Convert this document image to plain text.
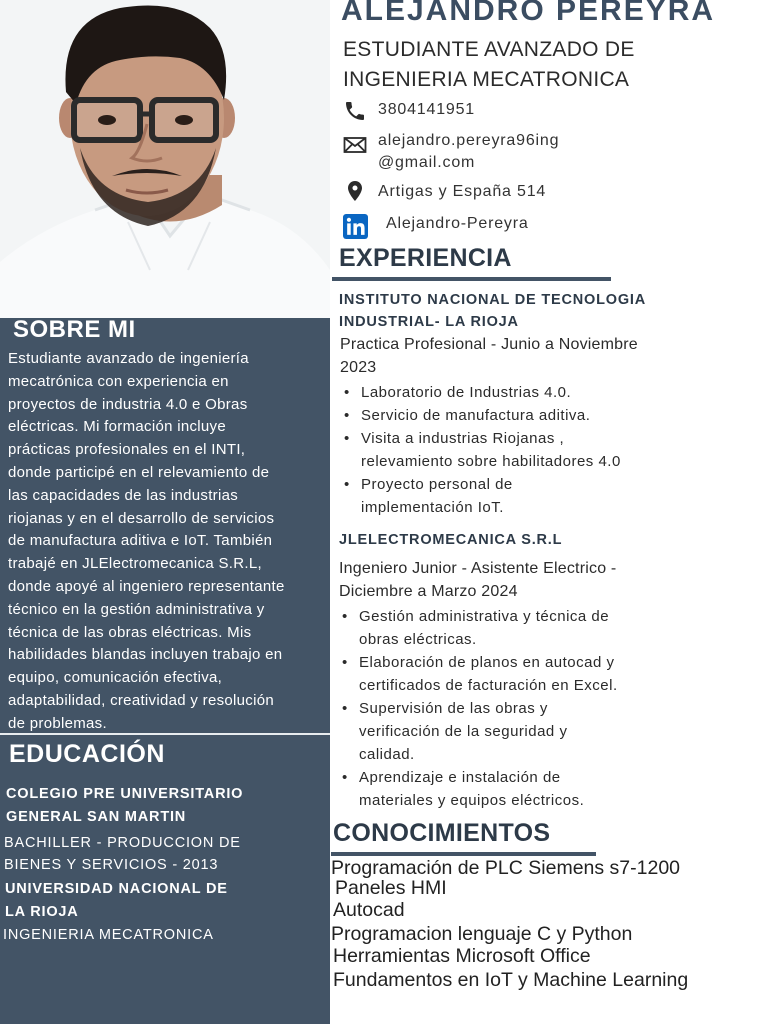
SOBRE MI
Estudiante avanzado de ingeniería
mecatrónica con experiencia en
proyectos de industria 4.0 e Obras
eléctricas. Mi formación incluye
prácticas profesionales en el INTI,
donde participé en el relevamiento de
las capacidades de las industrias
riojanas y en el desarrollo de servicios
de manufactura aditiva e IoT. También
trabajé en JLElectromecanica S.R.L,
donde apoyé al ingeniero representante
técnico en la gestión administrativa y
técnica de las obras eléctricas. Mis
habilidades blandas incluyen trabajo en
equipo, comunicación efectiva,
adaptabilidad, creatividad y resolución
de problemas.
EDUCACIÓN
COLEGIO PRE UNIVERSITARIO
GENERAL SAN MARTIN
BACHILLER - PRODUCCION DE
BIENES Y SERVICIOS - 2013
UNIVERSIDAD NACIONAL DE
LA RIOJA
INGENIERIA MECATRONICA
ALEJANDRO PEREYRA
ESTUDIANTE AVANZADO DE INGENIERIA MECATRONICA
3804141951
alejandro.pereyra96ing
@gmail.com
Artigas y España 514
Alejandro-Pereyra
EXPERIENCIA
INSTITUTO NACIONAL DE TECNOLOGIA
INDUSTRIAL- LA RIOJA
Practica Profesional - Junio a Noviembre
2023
• Laboratorio de Industrias 4.0.
• Servicio de manufactura aditiva.
• Visita a industrias Riojanas ,
relevamiento sobre habilitadores 4.0
• Proyecto personal de
implementación IoT.
JLELECTROMECANICA S.R.L
Ingeniero Junior - Asistente Electrico -
Diciembre a Marzo 2024
• Gestión administrativa y técnica de
obras eléctricas.
• Elaboración de planos en autocad y
certificados de facturación en Excel.
• Supervisión de las obras y
verificación de la seguridad y
calidad.
• Aprendizaje e instalación de
materiales y equipos eléctricos.
CONOCIMIENTOS
Programación de PLC Siemens s7-1200
Paneles HMI
Autocad
Programacion lenguaje C y Python
Herramientas Microsoft Office
Fundamentos en IoT y Machine Learning
